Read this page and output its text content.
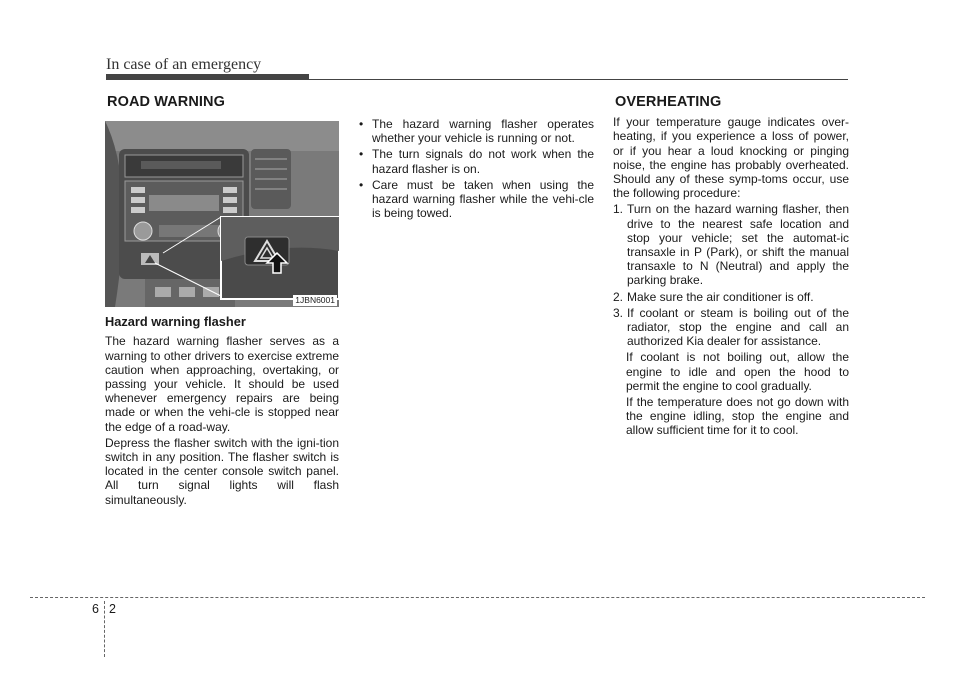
In case of an emergency
ROAD WARNING
1JBN6001
Hazard warning flasher

The hazard warning flasher serves as a warning to other drivers to exercise extreme caution when approaching, overtaking, or passing your vehicle. It should be used whenever emergency repairs are being made or when the vehi-cle is stopped near the edge of a road-way.

Depress the flasher switch with the igni-tion switch in any position. The flasher switch is located in the center console switch panel. All turn signal lights will flash simultaneously.

• The hazard warning flasher operates whether your vehicle is running or not.
• The turn signals do not work when the hazard flasher is on.
• Care must be taken when using the hazard warning flasher while the vehi-cle is being towed.
OVERHEATING

If your temperature gauge indicates over-heating, if you experience a loss of power, or if you hear a loud knocking or pinging noise, the engine has probably overheated. Should any of these symp-toms occur, use the following procedure:

1. Turn on the hazard warning flasher, then drive to the nearest safe location and stop your vehicle; set the automat-ic transaxle in P (Park), or shift the manual transaxle to N (Neutral) and apply the parking brake.
2. Make sure the air conditioner is off.
3. If coolant or steam is boiling out of the radiator, stop the engine and call an authorized Kia dealer for assistance.

If coolant is not boiling out, allow the engine to idle and open the hood to permit the engine to cool gradually.

If the temperature does not go down with the engine idling, stop the engine and allow sufficient time for it to cool.

6 2
